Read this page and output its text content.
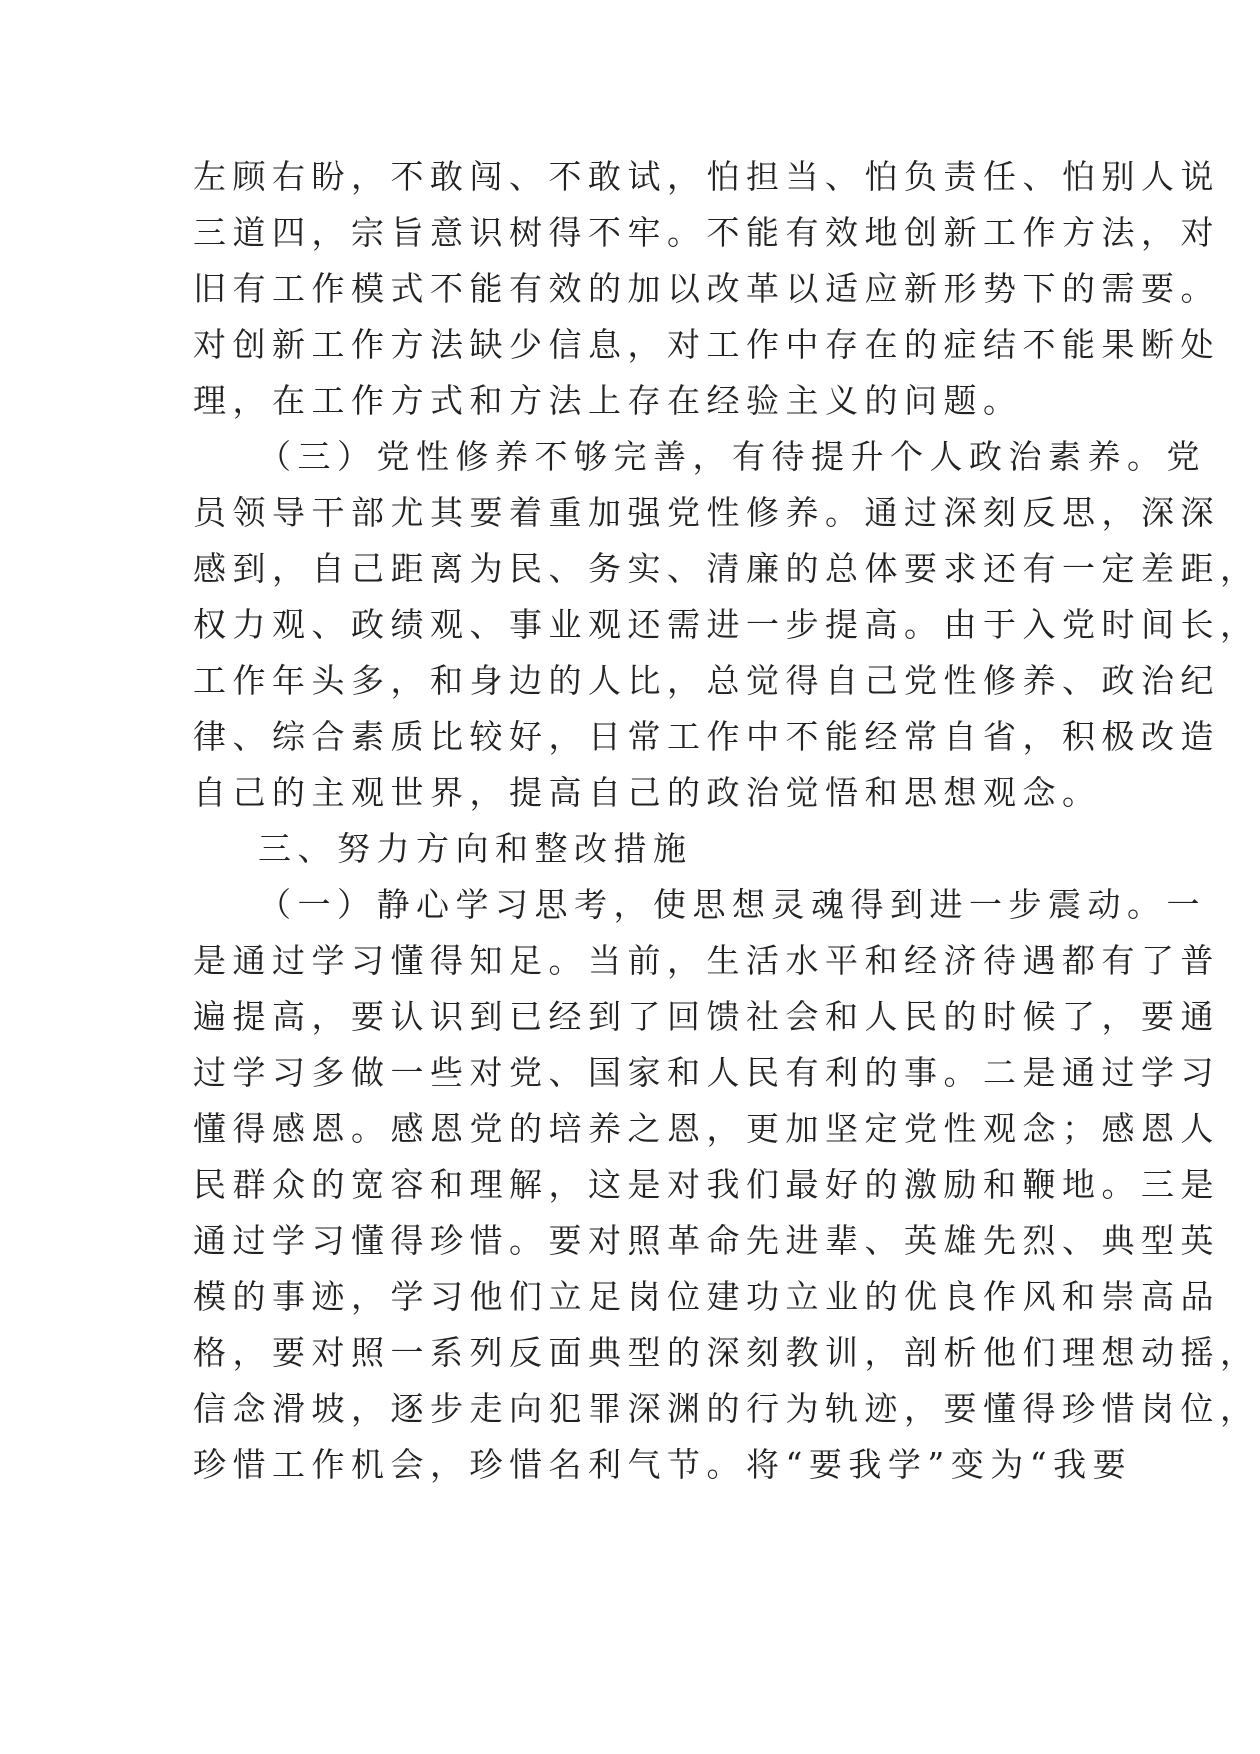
左顾右盼，不敢闯、不敢试，怕担当、怕负责任、怕别人说
三道四，宗旨意识树得不牢。不能有效地创新工作方法，对
旧有工作模式不能有效的加以改革以适应新形势下的需要。
对创新工作方法缺少信息，对工作中存在的症结不能果断处
理，在工作方式和方法上存在经验主义的问题。
（三）党性修养不够完善，有待提升个人政治素养。党
员领导干部尤其要着重加强党性修养。通过深刻反思，深深
感到，自己距离为民、务实、清廉的总体要求还有一定差距，
权力观、政绩观、事业观还需进一步提高。由于入党时间长，
工作年头多，和身边的人比，总觉得自己党性修养、政治纪
律、综合素质比较好，日常工作中不能经常自省，积极改造
自己的主观世界，提高自己的政治觉悟和思想观念。
三、努力方向和整改措施
（一）静心学习思考，使思想灵魂得到进一步震动。一
是通过学习懂得知足。当前，生活水平和经济待遇都有了普
遍提高，要认识到已经到了回馈社会和人民的时候了，要通
过学习多做一些对党、国家和人民有利的事。二是通过学习
懂得感恩。感恩党的培养之恩，更加坚定党性观念；感恩人
民群众的宽容和理解，这是对我们最好的激励和鞭地。三是
通过学习懂得珍惜。要对照革命先进辈、英雄先烈、典型英
模的事迹，学习他们立足岗位建功立业的优良作风和崇高品
格，要对照一系列反面典型的深刻教训，剖析他们理想动摇，
信念滑坡，逐步走向犯罪深渊的行为轨迹，要懂得珍惜岗位，
珍惜工作机会，珍惜名利气节。将“要我学”变为“我要
